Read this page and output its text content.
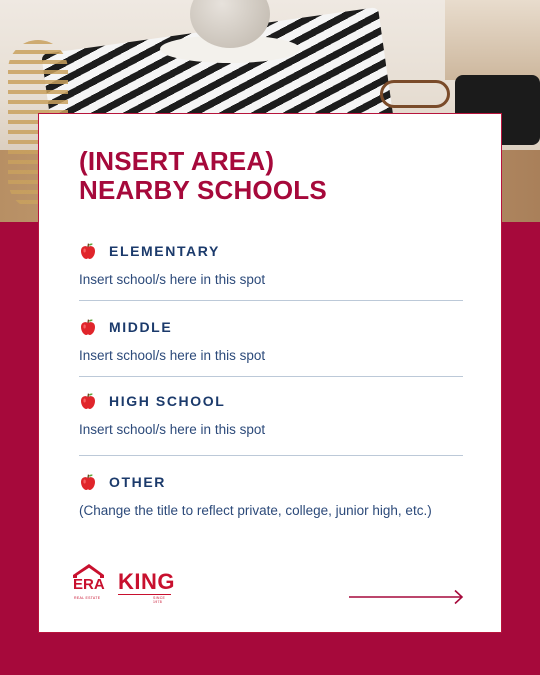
(INSERT AREA)
NEARBY SCHOOLS
ELEMENTARY
Insert school/s here in this spot
MIDDLE
Insert school/s here in this spot
HIGH SCHOOL
Insert school/s here in this spot
OTHER
(Change the title to reflect private, college, junior high, etc.)
ERA KING
REAL ESTATE	SINCE 1978
